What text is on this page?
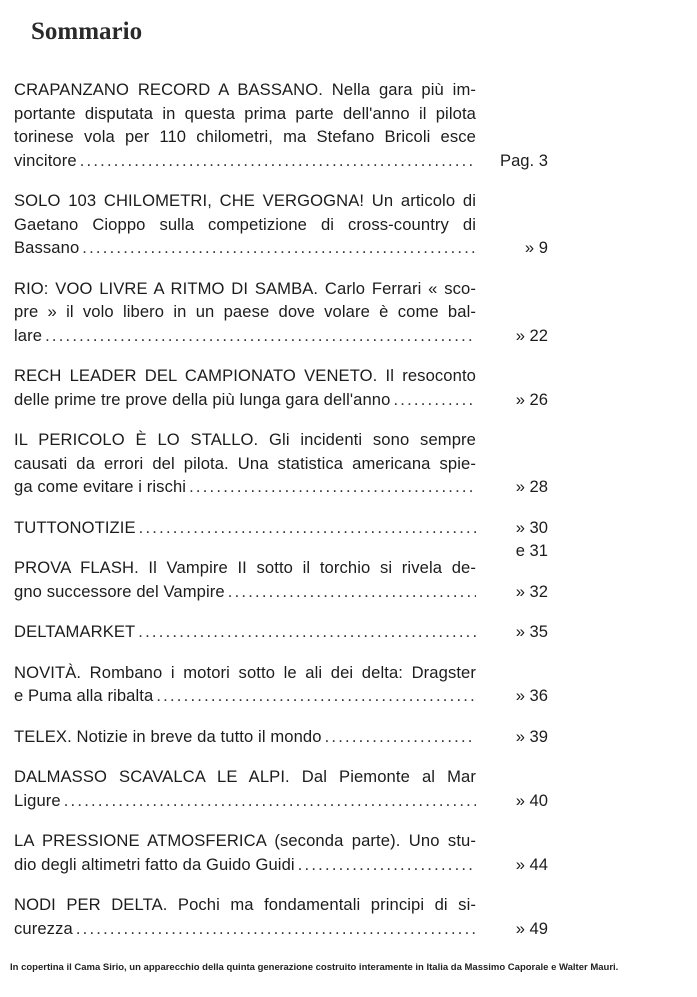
Sommario
CRAPANZANO RECORD A BASSANO. Nella gara più im-
portante disputata in questa prima parte dell'anno il pilota
torinese vola per 110 chilometri, ma Stefano Bricoli esce
vincitore . . .	Pag. 3
SOLO 103 CHILOMETRI, CHE VERGOGNA! Un articolo di
Gaetano Cioppo sulla competizione di cross-country di
Bassano . . .	» 9
RIO: VOO LIVRE A RITMO DI SAMBA. Carlo Ferrari « sco-
pre » il volo libero in un paese dove volare è come bal-
lare . . .	» 22
RECH LEADER DEL CAMPIONATO VENETO. Il resoconto
delle prime tre prove della più lunga gara dell'anno . . .	» 26
IL PERICOLO È LO STALLO. Gli incidenti sono sempre
causati da errori del pilota. Una statistica americana spie-
ga come evitare i rischi . . .	» 28
TUTTONOTIZIE . . .	» 30
e 31
PROVA FLASH. Il Vampire II sotto il torchio si rivela de-
gno successore del Vampire . . .	» 32
DELTAMARKET . . .	» 35
NOVITÀ. Rombano i motori sotto le ali dei delta: Dragster
e Puma alla ribalta . . .	» 36
TELEX. Notizie in breve da tutto il mondo . . .	» 39
DALMASSO SCAVALCA LE ALPI. Dal Piemonte al Mar
Ligure . . .	» 40
LA PRESSIONE ATMOSFERICA (seconda parte). Uno stu-
dio degli altimetri fatto da Guido Guidi . . .	» 44
NODI PER DELTA. Pochi ma fondamentali principi di si-
curezza . . .	» 49
In copertina il Cama Sirio, un apparecchio della quinta generazione costruito interamente in Italia da Massimo Caporale e Walter Mauri.
